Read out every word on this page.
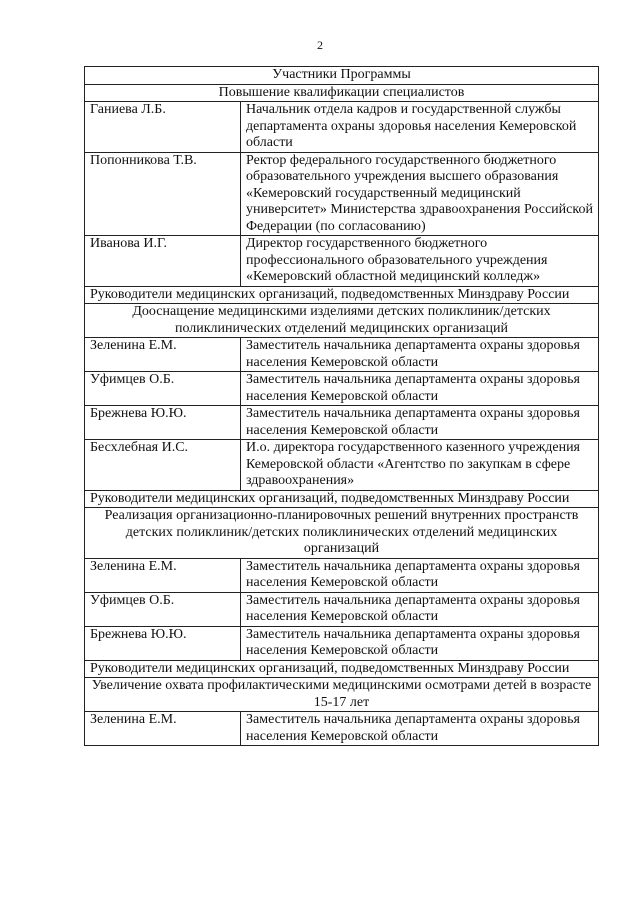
2
Участники Программы	
Повышение квалификации специалистов	
Ганиева Л.Б.	Начальник отдела кадров и государственной службы департамента охраны здоровья населения Кемеровской области
Попонникова Т.В.	Ректор федерального государственного бюджетного образовательного учреждения высшего образования «Кемеровский государственный медицинский университет» Министерства здравоохранения Российской Федерации (по согласованию)
Иванова И.Г.	Директор государственного бюджетного профессионального образовательного учреждения «Кемеровский областной медицинский колледж»
Руководители медицинских организаций, подведомственных Минздраву России	
Дооснащение медицинскими изделиями детских поликлиник/детских поликлинических отделений медицинских организаций	
Зеленина Е.М.	Заместитель начальника департамента охраны здоровья населения Кемеровской области
Уфимцев О.Б.	Заместитель начальника департамента охраны здоровья населения Кемеровской области
Брежнева Ю.Ю.	Заместитель начальника департамента охраны здоровья населения Кемеровской области
Бесхлебная И.С.	И.о. директора государственного казенного учреждения Кемеровской области «Агентство по закупкам в сфере здравоохранения»
Руководители медицинских организаций, подведомственных Минздраву России	
Реализация организационно-планировочных решений внутренних пространств детских поликлиник/детских поликлинических отделений медицинских организаций	
Зеленина Е.М.	Заместитель начальника департамента охраны здоровья населения Кемеровской области
Уфимцев О.Б.	Заместитель начальника департамента охраны здоровья населения Кемеровской области
Брежнева Ю.Ю.	Заместитель начальника департамента охраны здоровья населения Кемеровской области
Руководители медицинских организаций, подведомственных Минздраву России	
Увеличение охвата профилактическими медицинскими осмотрами детей в возрасте 15-17 лет	
Зеленина Е.М.	Заместитель начальника департамента охраны здоровья населения Кемеровской области
